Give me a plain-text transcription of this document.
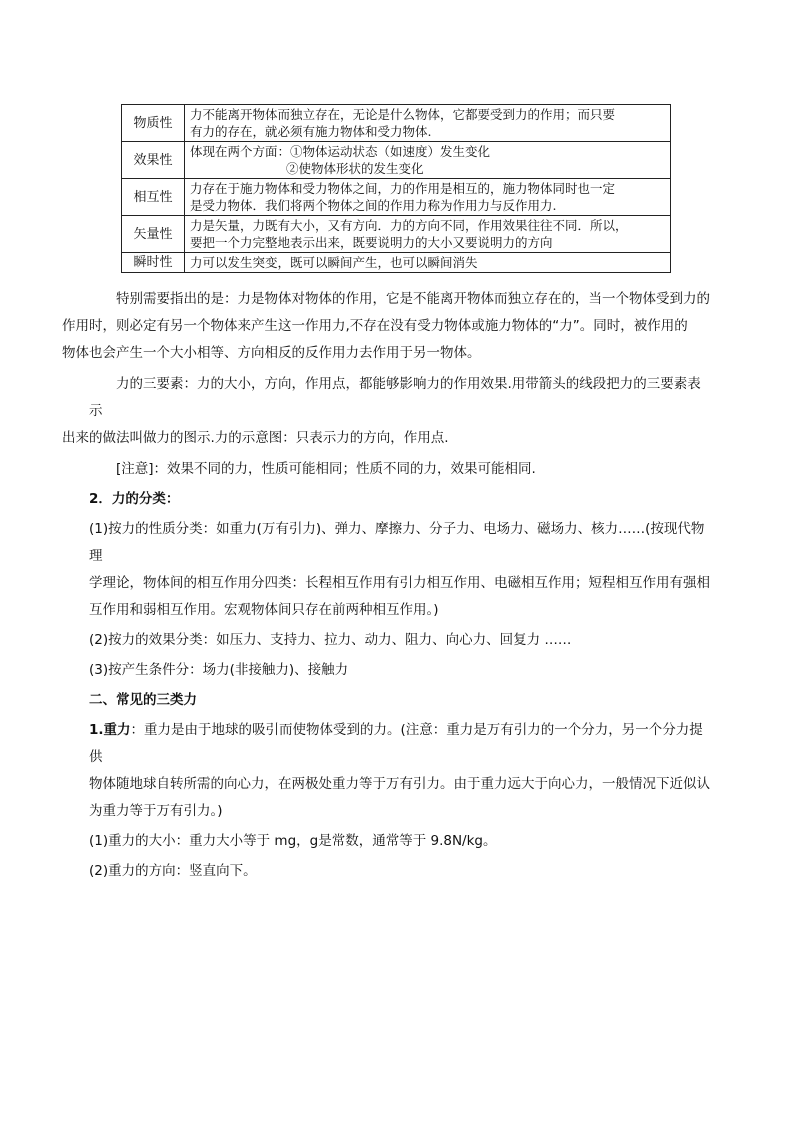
物质性	力不能离开物体而独立存在，无论是什么物体，它都要受到力的作用；而只要
有力的存在，就必须有施力物体和受力物体.

效果性	体现在两个方面：①物体运动状态（如速度）发生变化
②使物体形状的发生变化

相互性	力存在于施力物体和受力物体之间，力的作用是相互的，施力物体同时也一定
是受力物体．我们将两个物体之间的作用力称为作用力与反作用力.

矢量性	力是矢量，力既有大小，又有方向．力的方向不同，作用效果往往不同．所以，
要把一个力完整地表示出来，既要说明力的大小又要说明力的方向

瞬时性	力可以发生突变，既可以瞬间产生，也可以瞬间消失

特别需要指出的是：力是物体对物体的作用，它是不能离开物体而独立存在的，当一个物体受到力的
作用时，则必定有另一个物体来产生这一作用力,不存在没有受力物体或施力物体的“力”。同时，被作用的
物体也会产生一个大小相等、方向相反的反作用力去作用于另一物体。

力的三要素：力的大小，方向，作用点，都能够影响力的作用效果.用带箭头的线段把力的三要素表示
出来的做法叫做力的图示.力的示意图：只表示力的方向，作用点.

[注意]：效果不同的力，性质可能相同；性质不同的力，效果可能相同.

2．力的分类：

(1)按力的性质分类：如重力(万有引力)、弹力、摩擦力、分子力、电场力、磁场力、核力……(按现代物理
学理论，物体间的相互作用分四类：长程相互作用有引力相互作用、电磁相互作用；短程相互作用有强相
互作用和弱相互作用。宏观物体间只存在前两种相互作用。)

(2)按力的效果分类：如压力、支持力、拉力、动力、阻力、向心力、回复力 ……

(3)按产生条件分：场力(非接触力)、接触力

二、常见的三类力

1.重力：重力是由于地球的吸引而使物体受到的力。(注意：重力是万有引力的一个分力，另一个分力提供
物体随地球自转所需的向心力，在两极处重力等于万有引力。由于重力远大于向心力，一般情况下近似认
为重力等于万有引力。)

(1)重力的大小：重力大小等于 mg，g是常数，通常等于 9.8N/kg。

(2)重力的方向：竖直向下。
